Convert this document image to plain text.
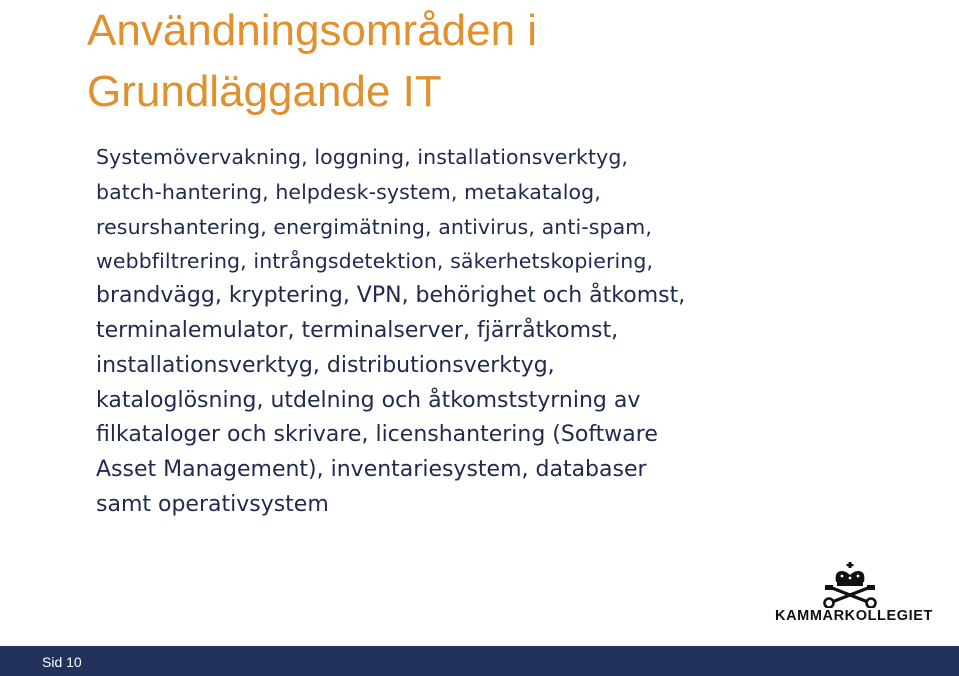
Användningsområden i
Grundläggande IT
Systemövervakning, loggning, installationsverktyg,
batch-hantering, helpdesk-system, metakatalog,
resurshantering, energimätning, antivirus, anti-spam,
webbfiltrering, intrångsdetektion, säkerhetskopiering,
brandvägg, kryptering, VPN, behörighet och åtkomst,
terminalemulator, terminalserver, fjärråtkomst,
installationsverktyg, distributionsverktyg,
kataloglösning, utdelning och åtkomststyrning av
filkataloger och skrivare, licenshantering (Software
Asset Management), inventariesystem, databaser
samt operativsystem
KAMMARKOLLEGIET
Sid 10
